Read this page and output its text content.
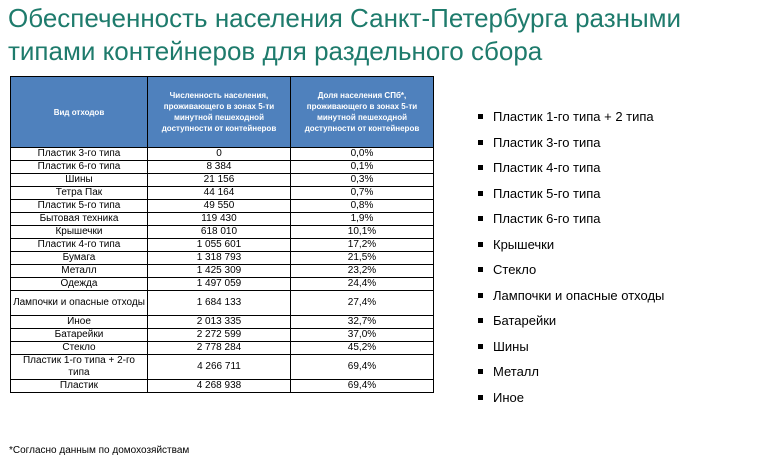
Обеспеченность населения Санкт-Петербурга разными типами контейнеров для раздельного сбора
Вид отходов	Численность населения, проживающего в зонах 5-ти минутной пешеходной доступности от контейнеров	Доля населения СПб*, проживающего в зонах 5-ти минутной пешеходной доступности от контейнеров
Пластик 3-го типа	0	0,0%
Пластик 6-го типа	8 384	0,1%
Шины	21 156	0,3%
Тетра Пак	44 164	0,7%
Пластик 5-го типа	49 550	0,8%
Бытовая техника	119 430	1,9%
Крышечки	618 010	10,1%
Пластик 4-го типа	1 055 601	17,2%
Бумага	1 318 793	21,5%
Металл	1 425 309	23,2%
Одежда	1 497 059	24,4%
Лампочки и опасные отходы	1 684 133	27,4%
Иное	2 013 335	32,7%
Батарейки	2 272 599	37,0%
Стекло	2 778 284	45,2%
Пластик 1-го типа + 2-го типа	4 266 711	69,4%
Пластик	4 268 938	69,4%
*Согласно данным по домохозяйствам
Пластик 1-го типа + 2 типа
Пластик 3-го типа
Пластик 4-го типа
Пластик 5-го типа
Пластик 6-го типа
Крышечки
Стекло
Лампочки и опасные отходы
Батарейки
Шины
Металл
Иное
